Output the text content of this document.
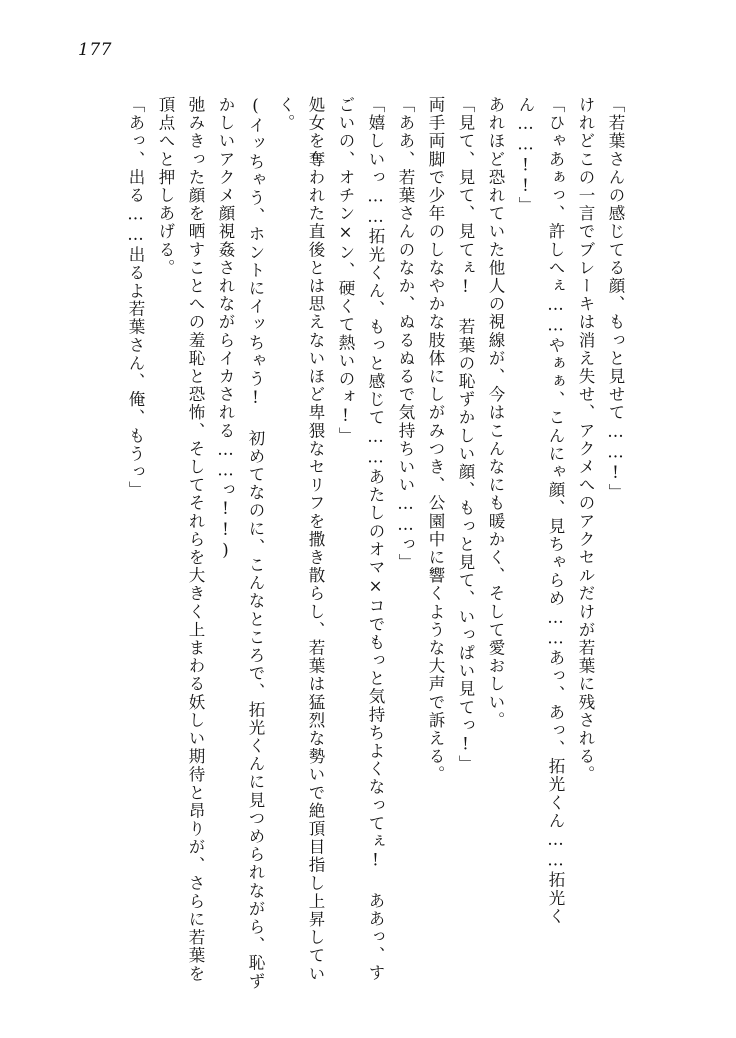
177

「若葉さんの感じてる顔、もっと見せて……!」

けれどこの一言でブレーキは消え失せ、アクメへのアクセルだけが若葉に残される。

「ひゃあぁっ、許しへぇ……やぁぁ、こんにゃ顔、見ちゃらめ……あっ、あっ、拓光くん……拓光くん……!!」

あれほど恐れていた他人の視線が、今はこんなにも暖かく、そして愛おしい。

「見て、見て、見てぇ! 若葉の恥ずかしい顔、もっと見て、いっぱい見てっ!」

両手両脚で少年のしなやかな肢体にしがみつき、公園中に響くような大声で訴える。

「ああ、若葉さんのなか、ぬるぬるで気持ちいい……っ」

「嬉しいっ……拓光くん、もっと感じて……あたしのオマ×コでもっと気持ちよくなってぇ! ああっ、すごいの、オチン×ン、硬くて熱いのォ!」

処女を奪われた直後とは思えないほど卑猥なセリフを撒き散らし、若葉は猛烈な勢いで絶頂目指し上昇していく。

(イッちゃう、ホントにイッちゃう! 初めてなのに、こんなところで、拓光くんに見つめられながら、恥ずかしいアクメ顔視姦されながらイカされる……っ!!)

弛みきった顔を晒すことへの羞恥と恐怖、そしてそれらを大きく上まわる妖しい期待と昂りが、さらに若葉を頂点へと押しあげる。

「あっ、出る……出るよ若葉さん、俺、もうっ」
